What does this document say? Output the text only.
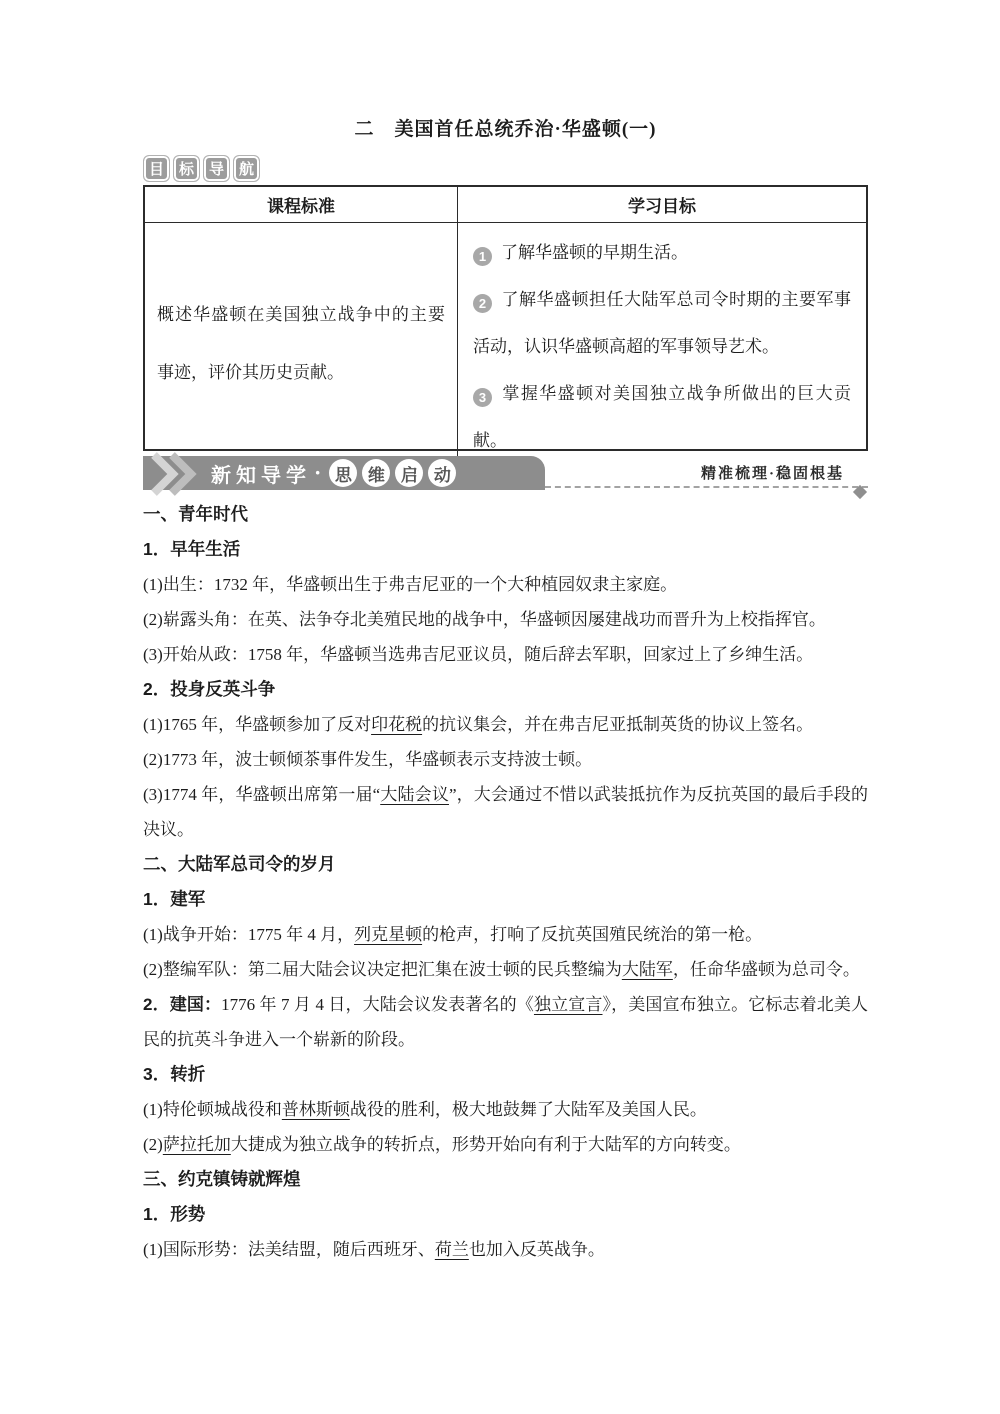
二　美国首任总统乔治·华盛顿(一)
目 标 导 航
课程标准	学习目标
概述华盛顿在美国独立战争中的主要事迹，评价其历史贡献。
1 了解华盛顿的早期生活。
2 了解华盛顿担任大陆军总司令时期的主要军事活动，认识华盛顿高超的军事领导艺术。
3 掌握华盛顿对美国独立战争所做出的巨大贡献。
新知导学 · 思 维 启 动	精准梳理·稳固根基
一、青年时代
1．早年生活

(1)出生：1732 年，华盛顿出生于弗吉尼亚的一个大种植园奴隶主家庭。

(2)崭露头角：在英、法争夺北美殖民地的战争中，华盛顿因屡建战功而晋升为上校指挥官。

(3)开始从政：1758 年，华盛顿当选弗吉尼亚议员，随后辞去军职，回家过上了乡绅生活。

2．投身反英斗争

(1)1765 年，华盛顿参加了反对印花税的抗议集会，并在弗吉尼亚抵制英货的协议上签名。

(2)1773 年，波士顿倾茶事件发生，华盛顿表示支持波士顿。

(3)1774 年，华盛顿出席第一届“大陆会议”，大会通过不惜以武装抵抗作为反抗英国的最后手段的决议。

二、大陆军总司令的岁月
1．建军

(1)战争开始：1775 年 4 月，列克星顿的枪声，打响了反抗英国殖民统治的第一枪。

(2)整编军队：第二届大陆会议决定把汇集在波士顿的民兵整编为大陆军，任命华盛顿为总司令。

2．建国：1776 年 7 月 4 日，大陆会议发表著名的《独立宣言》，美国宣布独立。它标志着北美人民的抗英斗争进入一个崭新的阶段。

3．转折

(1)特伦顿城战役和普林斯顿战役的胜利，极大地鼓舞了大陆军及美国人民。

(2)萨拉托加大捷成为独立战争的转折点，形势开始向有利于大陆军的方向转变。

三、约克镇铸就辉煌
1．形势

(1)国际形势：法美结盟，随后西班牙、荷兰也加入反英战争。
